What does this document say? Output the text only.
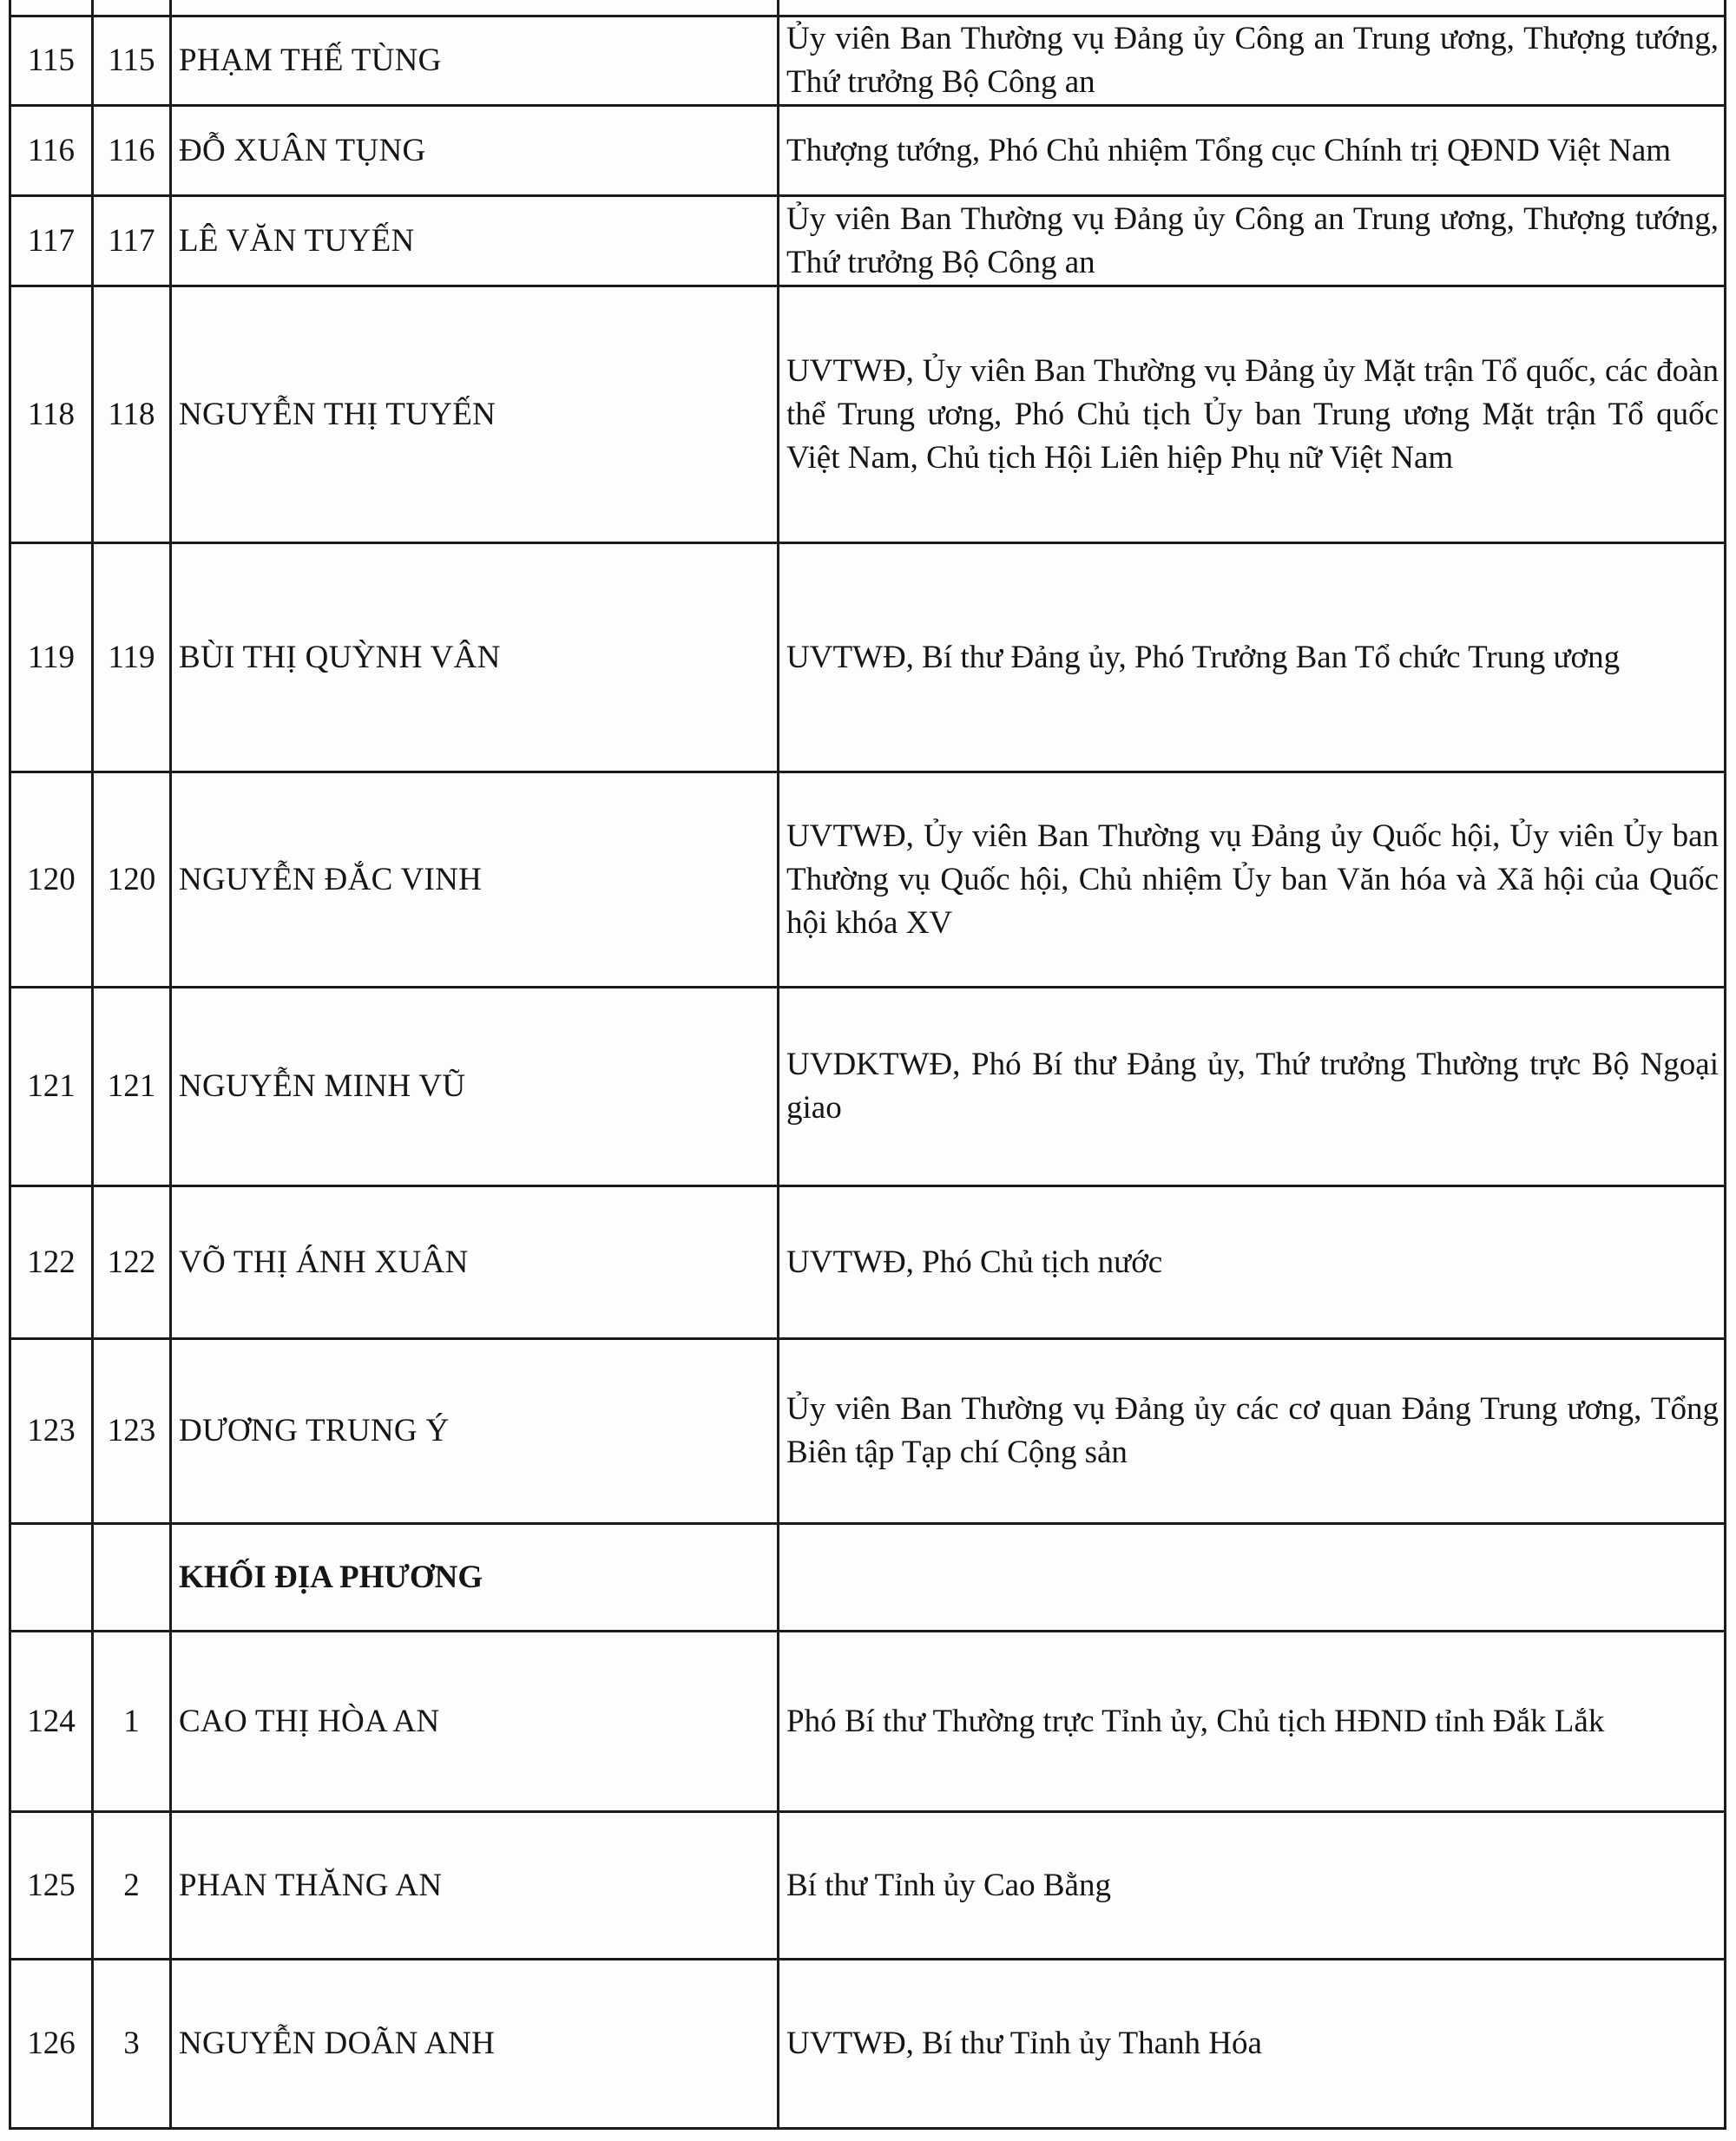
115	115	PHẠM THẾ TÙNG	Ủy viên Ban Thường vụ Đảng ủy Công an Trung ương, Thượng tướng, Thứ trưởng Bộ Công an
116	116	ĐỖ XUÂN TỤNG	Thượng tướng, Phó Chủ nhiệm Tổng cục Chính trị QĐND Việt Nam
117	117	LÊ VĂN TUYẾN	Ủy viên Ban Thường vụ Đảng ủy Công an Trung ương, Thượng tướng, Thứ trưởng Bộ Công an
118	118	NGUYỄN THỊ TUYẾN	UVTWĐ, Ủy viên Ban Thường vụ Đảng ủy Mặt trận Tổ quốc, các đoàn thể Trung ương, Phó Chủ tịch Ủy ban Trung ương Mặt trận Tổ quốc Việt Nam, Chủ tịch Hội Liên hiệp Phụ nữ Việt Nam
119	119	BÙI THỊ QUỲNH VÂN	UVTWĐ, Bí thư Đảng ủy, Phó Trưởng Ban Tổ chức Trung ương
120	120	NGUYỄN ĐẮC VINH	UVTWĐ, Ủy viên Ban Thường vụ Đảng ủy Quốc hội, Ủy viên Ủy ban Thường vụ Quốc hội, Chủ nhiệm Ủy ban Văn hóa và Xã hội của Quốc hội khóa XV
121	121	NGUYỄN MINH VŨ	UVDKTWĐ, Phó Bí thư Đảng ủy, Thứ trưởng Thường trực Bộ Ngoại giao
122	122	VÕ THỊ ÁNH XUÂN	UVTWĐ, Phó Chủ tịch nước
123	123	DƯƠNG TRUNG Ý	Ủy viên Ban Thường vụ Đảng ủy các cơ quan Đảng Trung ương, Tổng Biên tập Tạp chí Cộng sản
		KHỐI ĐỊA PHƯƠNG	
124	1	CAO THỊ HÒA AN	Phó Bí thư Thường trực Tỉnh ủy, Chủ tịch HĐND tỉnh Đắk Lắk
125	2	PHAN THĂNG AN	Bí thư Tỉnh ủy Cao Bằng
126	3	NGUYỄN DOÃN ANH	UVTWĐ, Bí thư Tỉnh ủy Thanh Hóa
